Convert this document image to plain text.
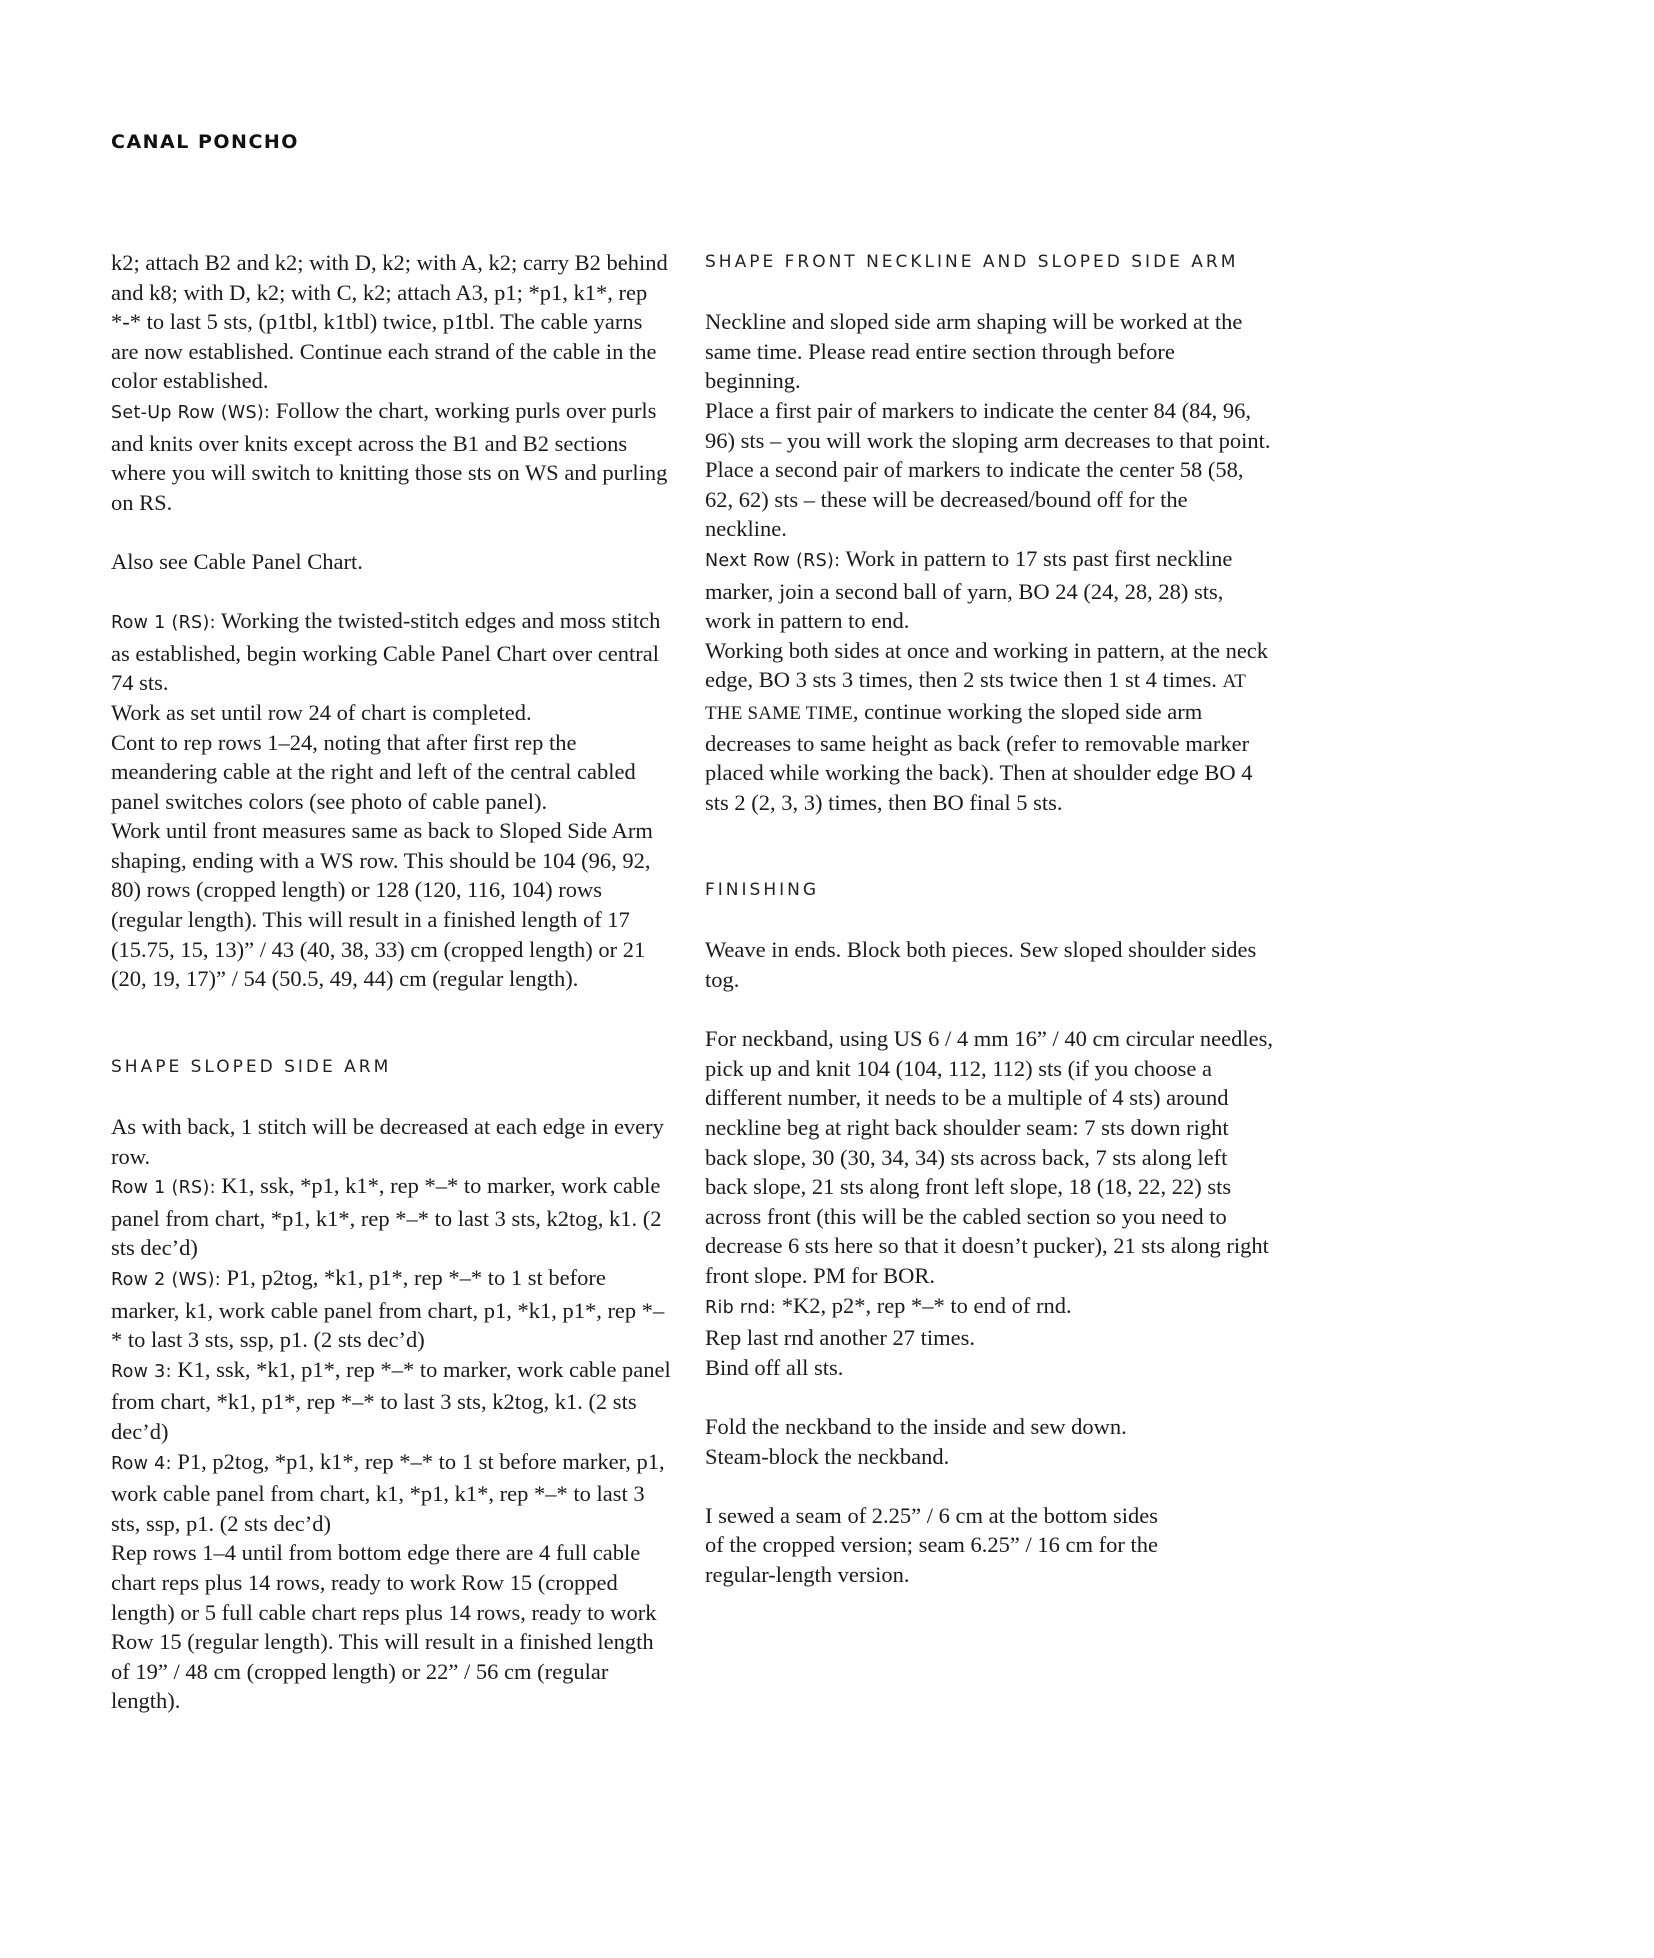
CANAL PONCHO

k2; attach B2 and k2; with D, k2; with A, k2; carry B2 behind and k8; with D, k2; with C, k2; attach A3, p1; *p1, k1*, rep *-* to last 5 sts, (p1tbl, k1tbl) twice, p1tbl. The cable yarns are now established. Continue each strand of the cable in the color established.

Set-Up Row (WS): Follow the chart, working purls over purls and knits over knits except across the B1 and B2 sections where you will switch to knitting those sts on WS and purling on RS.

Also see Cable Panel Chart.

Row 1 (RS): Working the twisted-stitch edges and moss stitch as established, begin working Cable Panel Chart over central 74 sts.

Work as set until row 24 of chart is completed.

Cont to rep rows 1–24, noting that after first rep the meandering cable at the right and left of the central cabled panel switches colors (see photo of cable panel).

Work until front measures same as back to Sloped Side Arm shaping, ending with a WS row. This should be 104 (96, 92, 80) rows (cropped length) or 128 (120, 116, 104) rows (regular length). This will result in a finished length of 17 (15.75, 15, 13)” / 43 (40, 38, 33) cm (cropped length) or 21 (20, 19, 17)” / 54 (50.5, 49, 44) cm (regular length).

SHAPE SLOPED SIDE ARM

As with back, 1 stitch will be decreased at each edge in every row.

Row 1 (RS): K1, ssk, *p1, k1*, rep *–* to marker, work cable panel from chart, *p1, k1*, rep *–* to last 3 sts, k2tog, k1. (2 sts dec’d)

Row 2 (WS): P1, p2tog, *k1, p1*, rep *–* to 1 st before marker, k1, work cable panel from chart, p1, *k1, p1*, rep *–* to last 3 sts, ssp, p1. (2 sts dec’d)

Row 3: K1, ssk, *k1, p1*, rep *–* to marker, work cable panel from chart, *k1, p1*, rep *–* to last 3 sts, k2tog, k1. (2 sts dec’d)

Row 4: P1, p2tog, *p1, k1*, rep *–* to 1 st before marker, p1, work cable panel from chart, k1, *p1, k1*, rep *–* to last 3 sts, ssp, p1. (2 sts dec’d)

Rep rows 1–4 until from bottom edge there are 4 full cable chart reps plus 14 rows, ready to work Row 15 (cropped length) or 5 full cable chart reps plus 14 rows, ready to work Row 15 (regular length). This will result in a finished length of 19” / 48 cm (cropped length) or 22” / 56 cm (regular length).

SHAPE FRONT NECKLINE AND SLOPED SIDE ARM

Neckline and sloped side arm shaping will be worked at the same time. Please read entire section through before beginning.

Place a first pair of markers to indicate the center 84 (84, 96, 96) sts – you will work the sloping arm decreases to that point. Place a second pair of markers to indicate the center 58 (58, 62, 62) sts – these will be decreased/bound off for the neckline.

Next Row (RS): Work in pattern to 17 sts past first neckline marker, join a second ball of yarn, BO 24 (24, 28, 28) sts, work in pattern to end.

Working both sides at once and working in pattern, at the neck edge, BO 3 sts 3 times, then 2 sts twice then 1 st 4 times. AT THE SAME TIME, continue working the sloped side arm decreases to same height as back (refer to removable marker placed while working the back). Then at shoulder edge BO 4 sts 2 (2, 3, 3) times, then BO final 5 sts.

FINISHING

Weave in ends. Block both pieces. Sew sloped shoulder sides tog.

For neckband, using US 6 / 4 mm 16” / 40 cm circular needles, pick up and knit 104 (104, 112, 112) sts (if you choose a different number, it needs to be a multiple of 4 sts) around neckline beg at right back shoulder seam: 7 sts down right back slope, 30 (30, 34, 34) sts across back, 7 sts along left back slope, 21 sts along front left slope, 18 (18, 22, 22) sts across front (this will be the cabled section so you need to decrease 6 sts here so that it doesn’t pucker), 21 sts along right front slope. PM for BOR.

Rib rnd: *K2, p2*, rep *–* to end of rnd.

Rep last rnd another 27 times.

Bind off all sts.

Fold the neckband to the inside and sew down.

Steam-block the neckband.

I sewed a seam of 2.25” / 6 cm at the bottom sides

of the cropped version; seam 6.25” / 16 cm for the

regular-length version.
